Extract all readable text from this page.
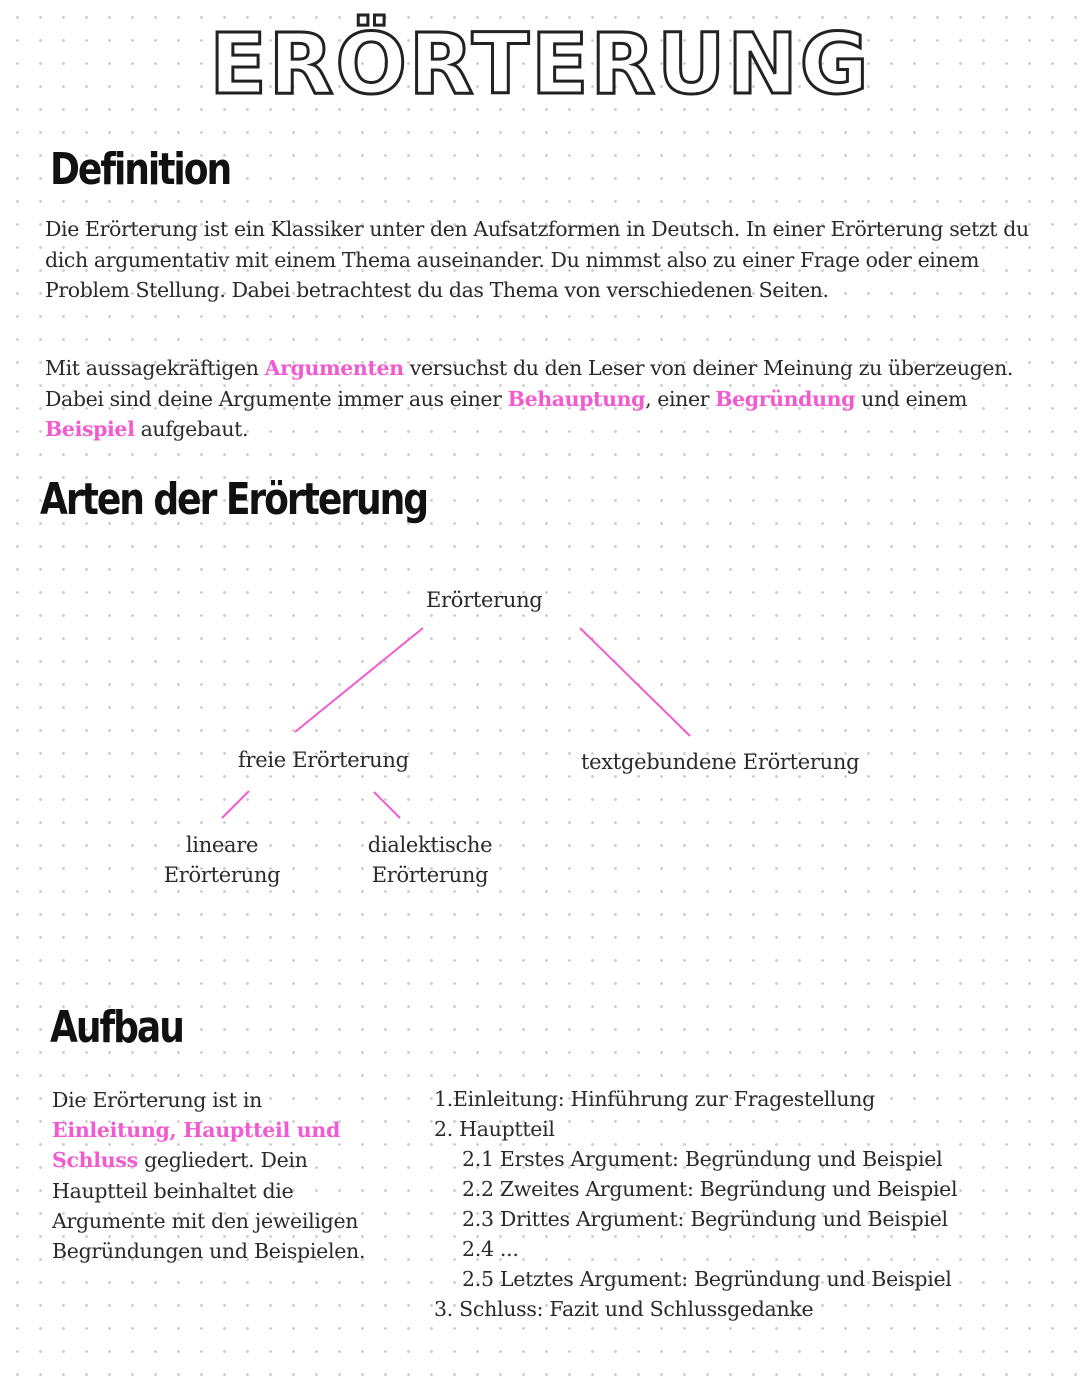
ERÖRTERUNG
Definition
Die Erörterung ist ein Klassiker unter den Aufsatzformen in Deutsch. In einer Erörterung setzt du dich argumentativ mit einem Thema auseinander. Du nimmst also zu einer Frage oder einem Problem Stellung. Dabei betrachtest du das Thema von verschiedenen Seiten.
Mit aussagekräftigen Argumenten versuchst du den Leser von deiner Meinung zu überzeugen. Dabei sind deine Argumente immer aus einer Behauptung, einer Begründung und einem Beispiel aufgebaut.
Arten der Erörterung
Erörterung
freie Erörterung	textgebundene Erörterung
lineare
Erörterung
dialektische
Erörterung
Aufbau
Die Erörterung ist in Einleitung, Hauptteil und Schluss gegliedert. Dein Hauptteil beinhaltet die Argumente mit den jeweiligen Begründungen und Beispielen.
1.Einleitung: Hinführung zur Fragestellung
2. Hauptteil
2.1 Erstes Argument: Begründung und Beispiel
2.2 Zweites Argument: Begründung und Beispiel
2.3 Drittes Argument: Begründung und Beispiel
2.4 ...
2.5 Letztes Argument: Begründung und Beispiel
3. Schluss: Fazit und Schlussgedanke
